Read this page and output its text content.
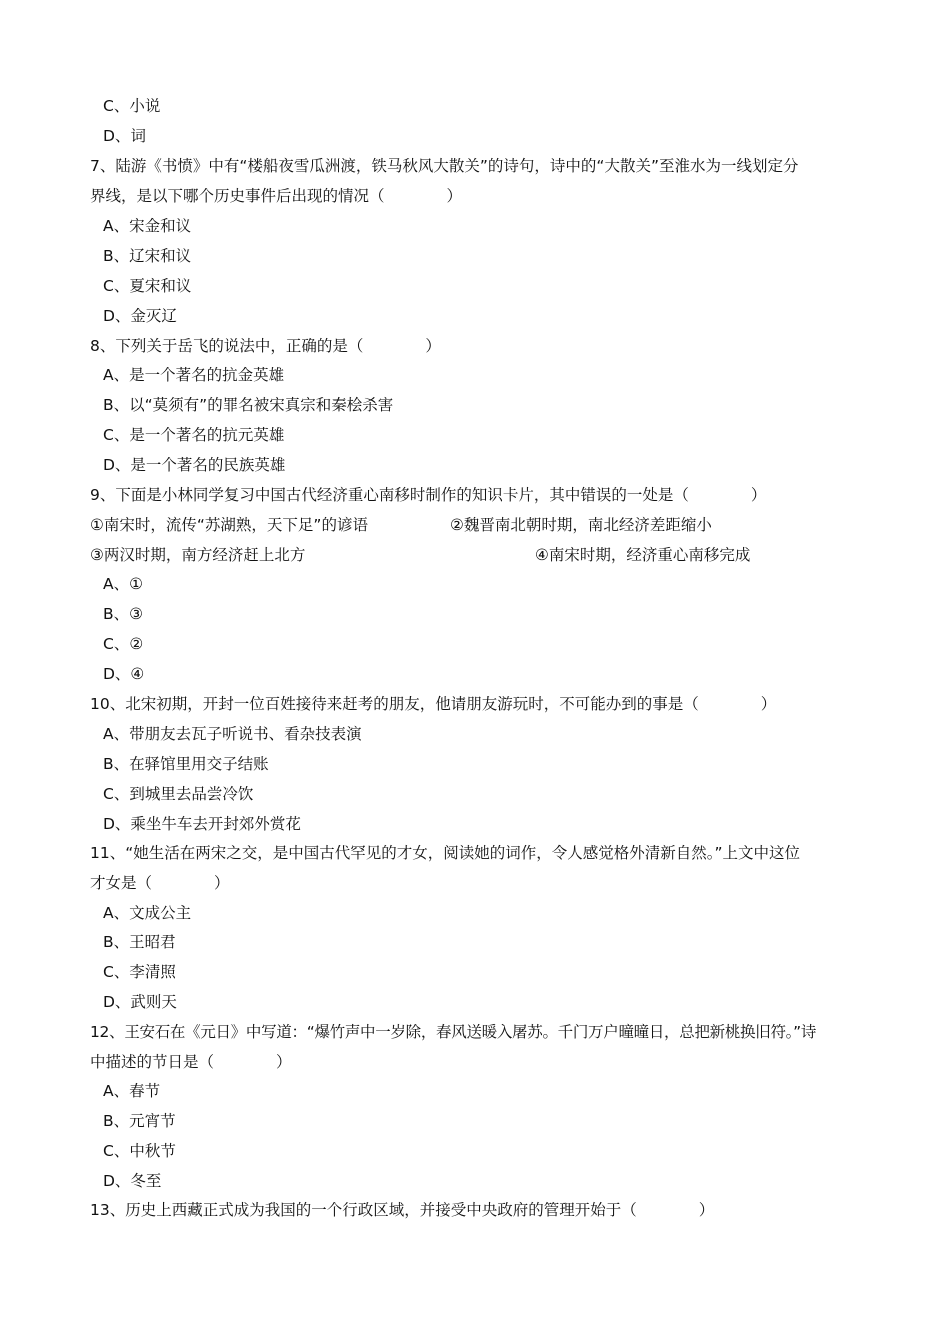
C、小说
D、词
7、陆游《书愤》中有“楼船夜雪瓜洲渡，铁马秋风大散关”的诗句，诗中的“大散关”至淮水为一线划定分
界线，是以下哪个历史事件后出现的情况（　　　　）
A、宋金和议
B、辽宋和议
C、夏宋和议
D、金灭辽
8、下列关于岳飞的说法中，正确的是（　　　　）
A、是一个著名的抗金英雄
B、以“莫须有”的罪名被宋真宗和秦桧杀害
C、是一个著名的抗元英雄
D、是一个著名的民族英雄
9、下面是小林同学复习中国古代经济重心南移时制作的知识卡片，其中错误的一处是（　　　　）
①南宋时，流传“苏湖熟，天下足”的谚语	②魏晋南北朝时期，南北经济差距缩小
③两汉时期，南方经济赶上北方	④南宋时期，经济重心南移完成
A、①
B、③
C、②
D、④
10、北宋初期，开封一位百姓接待来赶考的朋友，他请朋友游玩时，不可能办到的事是（　　　　）
A、带朋友去瓦子听说书、看杂技表演
B、在驿馆里用交子结账
C、到城里去品尝冷饮
D、乘坐牛车去开封郊外赏花
11、“她生活在两宋之交，是中国古代罕见的才女，阅读她的词作，令人感觉格外清新自然。”上文中这位
才女是（　　　　）
A、文成公主
B、王昭君
C、李清照
D、武则天
12、王安石在《元日》中写道：“爆竹声中一岁除，春风送暖入屠苏。千门万户曈曈日，总把新桃换旧符。”诗
中描述的节日是（　　　　）
A、春节
B、元宵节
C、中秋节
D、冬至
13、历史上西藏正式成为我国的一个行政区域，并接受中央政府的管理开始于（　　　　）
